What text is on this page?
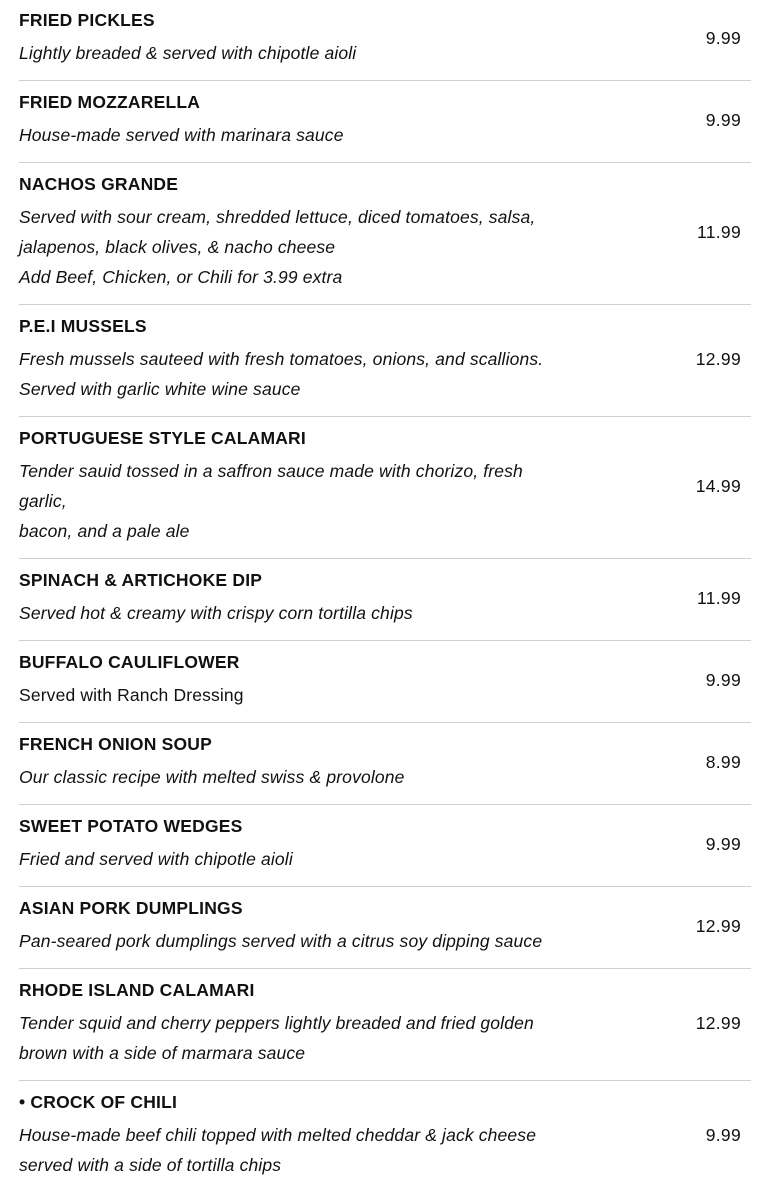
FRIED PICKLES
Lightly breaded & served with chipotle aioli
9.99
FRIED MOZZARELLA
House-made served with marinara sauce
9.99
NACHOS GRANDE
Served with sour cream, shredded lettuce, diced tomatoes, salsa,
jalapenos, black olives, & nacho cheese
Add Beef, Chicken, or Chili for 3.99 extra
11.99
P.E.I MUSSELS
Fresh mussels sauteed with fresh tomatoes, onions, and scallions.
Served with garlic white wine sauce
12.99
PORTUGUESE STYLE CALAMARI
Tender sauid tossed in a saffron sauce made with chorizo, fresh
garlic,
bacon, and a pale ale
14.99
SPINACH & ARTICHOKE DIP
Served hot & creamy with crispy corn tortilla chips
11.99
BUFFALO CAULIFLOWER
Served with Ranch Dressing
9.99
FRENCH ONION SOUP
Our classic recipe with melted swiss & provolone
8.99
SWEET POTATO WEDGES
Fried and served with chipotle aioli
9.99
ASIAN PORK DUMPLINGS
Pan-seared pork dumplings served with a citrus soy dipping sauce
12.99
RHODE ISLAND CALAMARI
Tender squid and cherry peppers lightly breaded and fried golden
brown with a side of marmara sauce
12.99
• CROCK OF CHILI
House-made beef chili topped with melted cheddar & jack cheese
served with a side of tortilla chips
9.99
